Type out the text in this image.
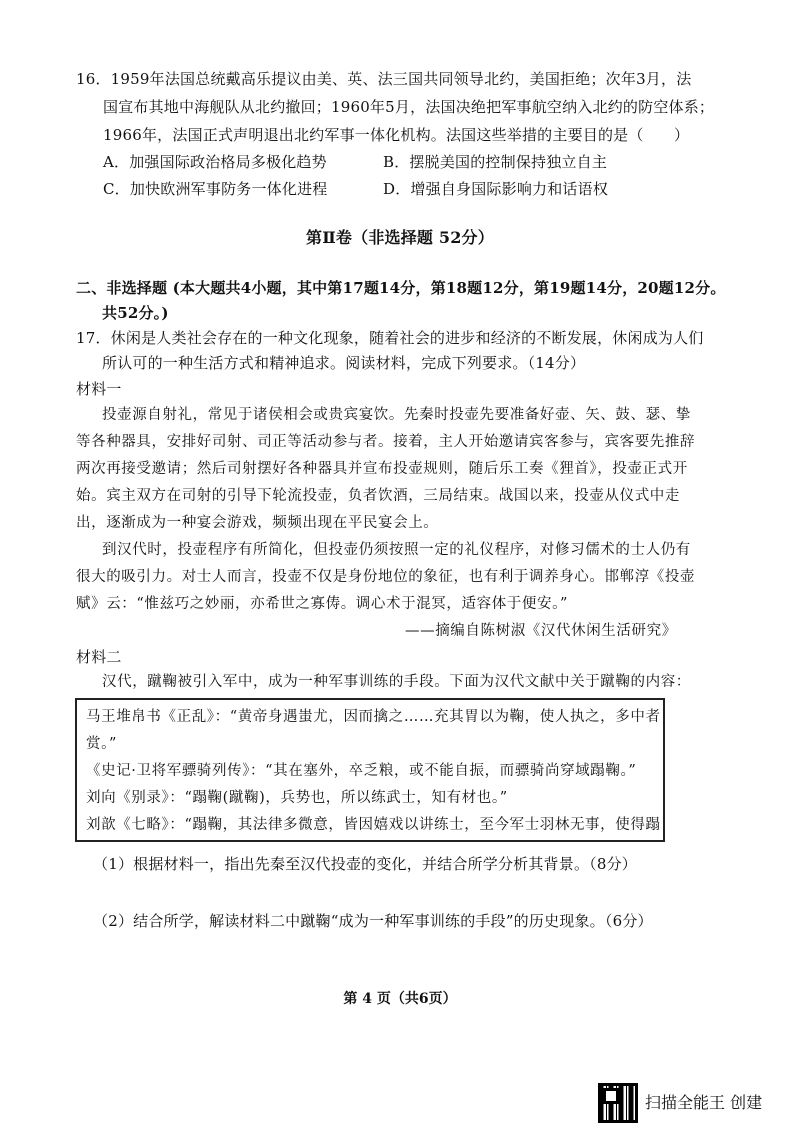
16．1959年法国总统戴高乐提议由美、英、法三国共同领导北约，美国拒绝；次年3月，法
国宣布其地中海舰队从北约撤回；1960年5月，法国决绝把军事航空纳入北约的防空体系；
1966年，法国正式声明退出北约军事一体化机构。法国这些举措的主要目的是（　　）
A．加强国际政治格局多极化趋势	B．摆脱美国的控制保持独立自主
C．加快欧洲军事防务一体化进程	D．增强自身国际影响力和话语权
第Ⅱ卷（非选择题 52分）
二、非选择题 (本大题共4小题，其中第17题14分，第18题12分，第19题14分，20题12分。
共52分。)
17．休闲是人类社会存在的一种文化现象，随着社会的进步和经济的不断发展，休闲成为人们
所认可的一种生活方式和精神追求。阅读材料，完成下列要求。（14分）
材料一
投壶源自射礼，常见于诸侯相会或贵宾宴饮。先秦时投壶先要准备好壶、矢、鼓、瑟、挚
等各种器具，安排好司射、司正等活动参与者。接着，主人开始邀请宾客参与，宾客要先推辞
两次再接受邀请；然后司射摆好各种器具并宣布投壶规则，随后乐工奏《狸首》，投壶正式开
始。宾主双方在司射的引导下轮流投壶，负者饮酒，三局结束。战国以来，投壶从仪式中走
出，逐渐成为一种宴会游戏，频频出现在平民宴会上。
到汉代时，投壶程序有所简化，但投壶仍须按照一定的礼仪程序，对修习儒术的士人仍有
很大的吸引力。对士人而言，投壶不仅是身份地位的象征，也有利于调养身心。邯郸淳《投壶
赋》云：“惟兹巧之妙丽，亦希世之寡俦。调心术于混冥，适容体于便安。”
——摘编自陈树淑《汉代休闲生活研究》
材料二
汉代，蹴鞠被引入军中，成为一种军事训练的手段。下面为汉代文献中关于蹴鞠的内容：
马王堆帛书《正乱》：“黄帝身遇蚩尤，因而擒之……充其胃以为鞠，使人执之，多中者
赏。”
《史记·卫将军骠骑列传》：“其在塞外，卒乏粮，或不能自振，而骠骑尚穿域蹋鞠。”
刘向《别录》：“蹋鞠(蹴鞠)，兵势也，所以练武士，知有材也。”
刘歆《七略》：“蹋鞠，其法律多微意，皆因嬉戏以讲练士，至今军士羽林无事，使得蹋
（1）根据材料一，指出先秦至汉代投壶的变化，并结合所学分析其背景。（8分）
（2）结合所学，解读材料二中蹴鞠“成为一种军事训练的手段”的历史现象。（6分）
第 4 页（共6页）
扫描全能王 创建
